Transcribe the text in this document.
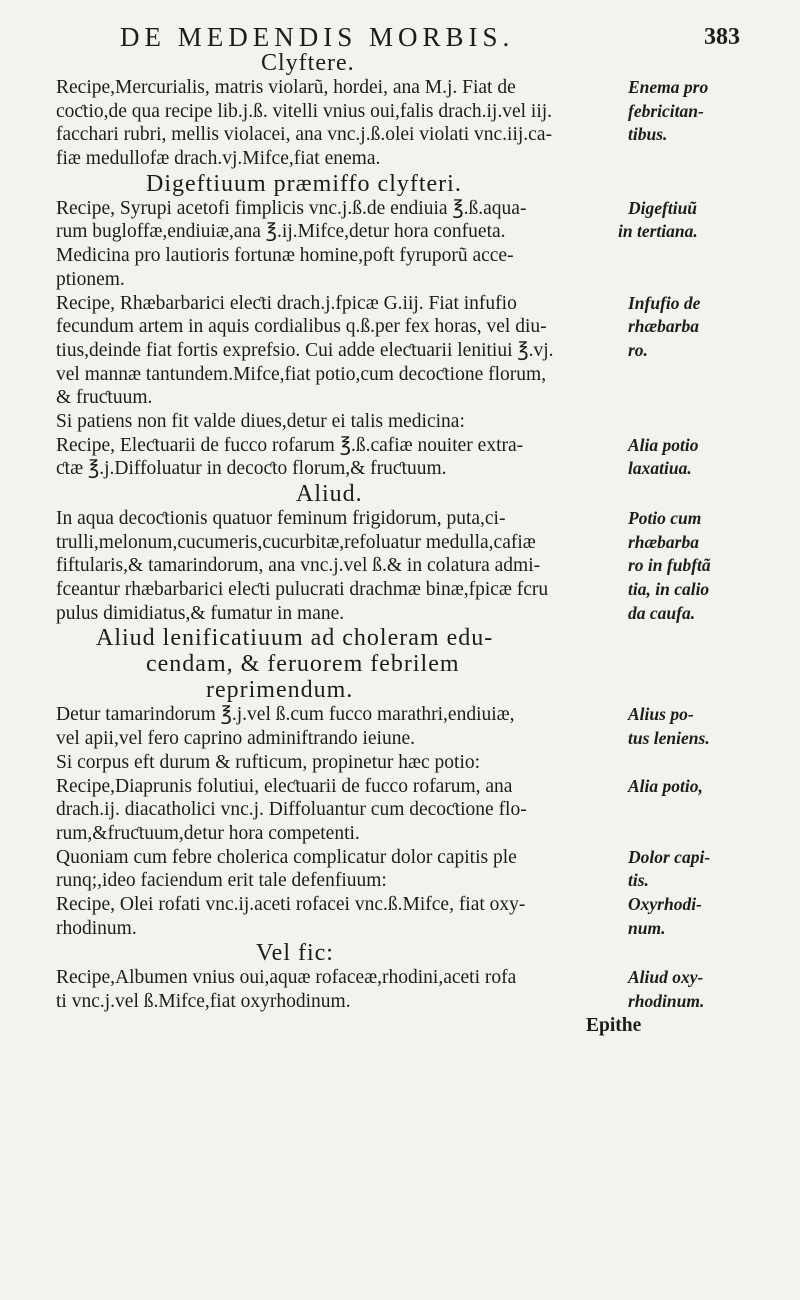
DE MEDENDIS MORBIS.	383
Clyftere.
Recipe,Mercurialis, matris violarũ, hordei, ana M.j. Fiat de	Enema pro
coƈtio,de qua recipe lib.j.ß. vitelli vnius oui,falis drach.ij.vel iij.	febricitan-
facchari rubri, mellis violacei, ana vnc.j.ß.olei violati vnc.iij.ca-	tibus.
fiæ medullofæ drach.vj.Mifce,fiat enema.
Digeftiuum præmiffo clyfteri.
Recipe, Syrupi acetofi fimplicis vnc.j.ß.de endiuia ℥.ß.aqua-	Digeftiuũ
rum bugloffæ,endiuiæ,ana ℥.ij.Mifce,detur hora confueta.	in tertiana.
Medicina pro lautioris fortunæ homine,poft fyruporũ acce-
ptionem.
Recipe, Rhæbarbarici eleƈti drach.j.fpicæ G.iij. Fiat infufio	Infufio de
fecundum artem in aquis cordialibus q.ß.per fex horas, vel diu-	rhæbarba
tius,deinde fiat fortis exprefsio. Cui adde eleƈtuarii lenitiui ℥.vj.	ro.
vel mannæ tantundem.Mifce,fiat potio,cum decoƈtione florum,
& fruƈtuum.
Si patiens non fit valde diues,detur ei talis medicina:
Recipe, Eleƈtuarii de fucco rofarum ℥.ß.cafiæ nouiter extra-	Alia potio
ƈtæ ℥.j.Diffoluatur in decoƈto florum,& fruƈtuum.	laxatiua.
Aliud.
In aqua decoƈtionis quatuor feminum frigidorum, puta,ci-	Potio cum
trulli,melonum,cucumeris,cucurbitæ,refoluatur medulla,cafiæ	rhæbarba
fiftularis,& tamarindorum, ana vnc.j.vel ß.& in colatura admi-	ro in fubftã
fceantur rhæbarbarici eleƈti pulucrati drachmæ binæ,fpicæ fcru	tia, in calio
pulus dimidiatus,& fumatur in mane.	da caufa.
Aliud lenificatiuum ad choleram edu-
cendam, & feruorem febrilem
reprimendum.
Detur tamarindorum ℥.j.vel ß.cum fucco marathri,endiuiæ,	Alius po-
vel apii,vel fero caprino adminiftrando ieiune.	tus leniens.
Si corpus eft durum & rufticum, propinetur hæc potio:
Recipe,Diaprunis folutiui, eleƈtuarii de fucco rofarum, ana	Alia potio,
drach.ij. diacatholici vnc.j. Diffoluantur cum decoƈtione flo-
rum,&fruƈtuum,detur hora competenti.
Quoniam cum febre cholerica complicatur dolor capitis ple	Dolor capi-
runq;,ideo faciendum erit tale defenfiuum:	tis.
Recipe, Olei rofati vnc.ij.aceti rofacei vnc.ß.Mifce, fiat oxy-	Oxyrhodi-
rhodinum.	num.
Vel fic:
Recipe,Albumen vnius oui,aquæ rofaceæ,rhodini,aceti rofa	Aliud oxy-
ti vnc.j.vel ß.Mifce,fiat oxyrhodinum.	rhodinum.
Epithe
